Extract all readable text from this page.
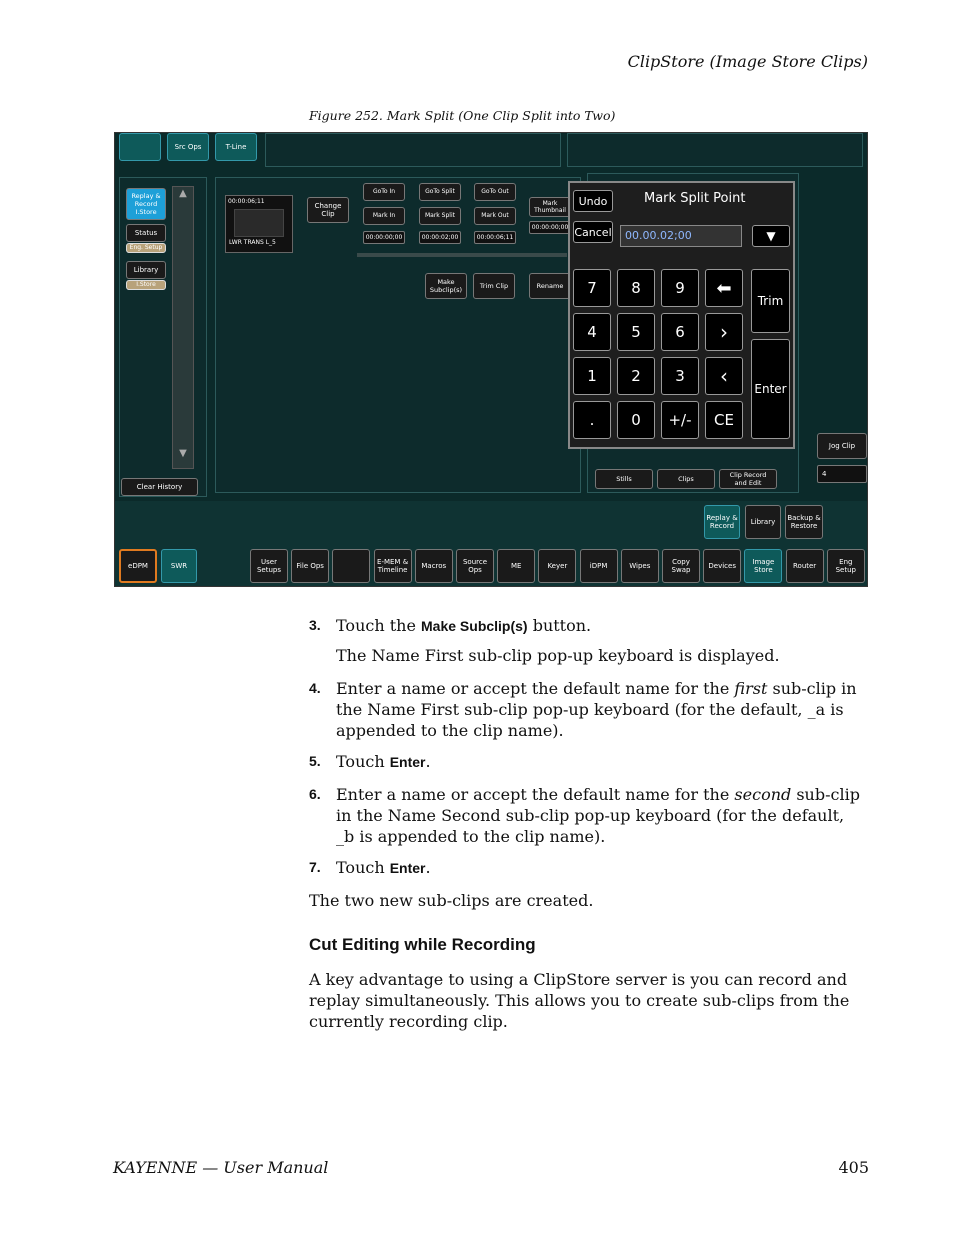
ClipStore (Image Store Clips)
Figure 252. Mark Split (One Clip Split into Two)
Src Ops	T-Line
Replay &
Record
I.Store
Status
Eng. Setup
Library
I.Store
▲
▼
Clear History
00:00:06;11
LWR TRANS L_5
Change
Clip
GoTo In	GoTo Split	GoTo Out
Mark In	Mark Split	Mark Out
Mark
Thumbnail
00:00:00;00	00:00:02;00	00:00:06;11
00:00:00;00
Make
Subclip(s)	Trim Clip	Rename
Stills	Clips	Clip Record
and Edit
Jog Clip
4
Undo
Cancel
Mark Split Point
00.00.02;00	▼
7	8	9	⬅
4	5	6	›
1	2	3	‹
.	0	+/-	CE
Trim
Enter
Replay &
Record	Library	Backup &
Restore
eDPM	SWR	User
Setups	File Ops	E-MEM &
Timeline	Macros	Source
Ops	ME	Keyer	iDPM	Wipes	Copy
Swap	Devices	Image
Store	Router	Eng
Setup
3. Touch the Make Subclip(s) button.
The Name First sub-clip pop-up keyboard is displayed.
4. Enter a name or accept the default name for the first sub-clip in the Name First sub-clip pop-up keyboard (for the default, _a is appended to the clip name).
5. Touch Enter.
6. Enter a name or accept the default name for the second sub-clip in the Name Second sub-clip pop-up keyboard (for the default, _b is appended to the clip name).
7. Touch Enter.
The two new sub-clips are created.
Cut Editing while Recording
A key advantage to using a ClipStore server is you can record and replay simultaneously. This allows you to create sub-clips from the currently recording clip.
KAYENNE — User Manual	405
